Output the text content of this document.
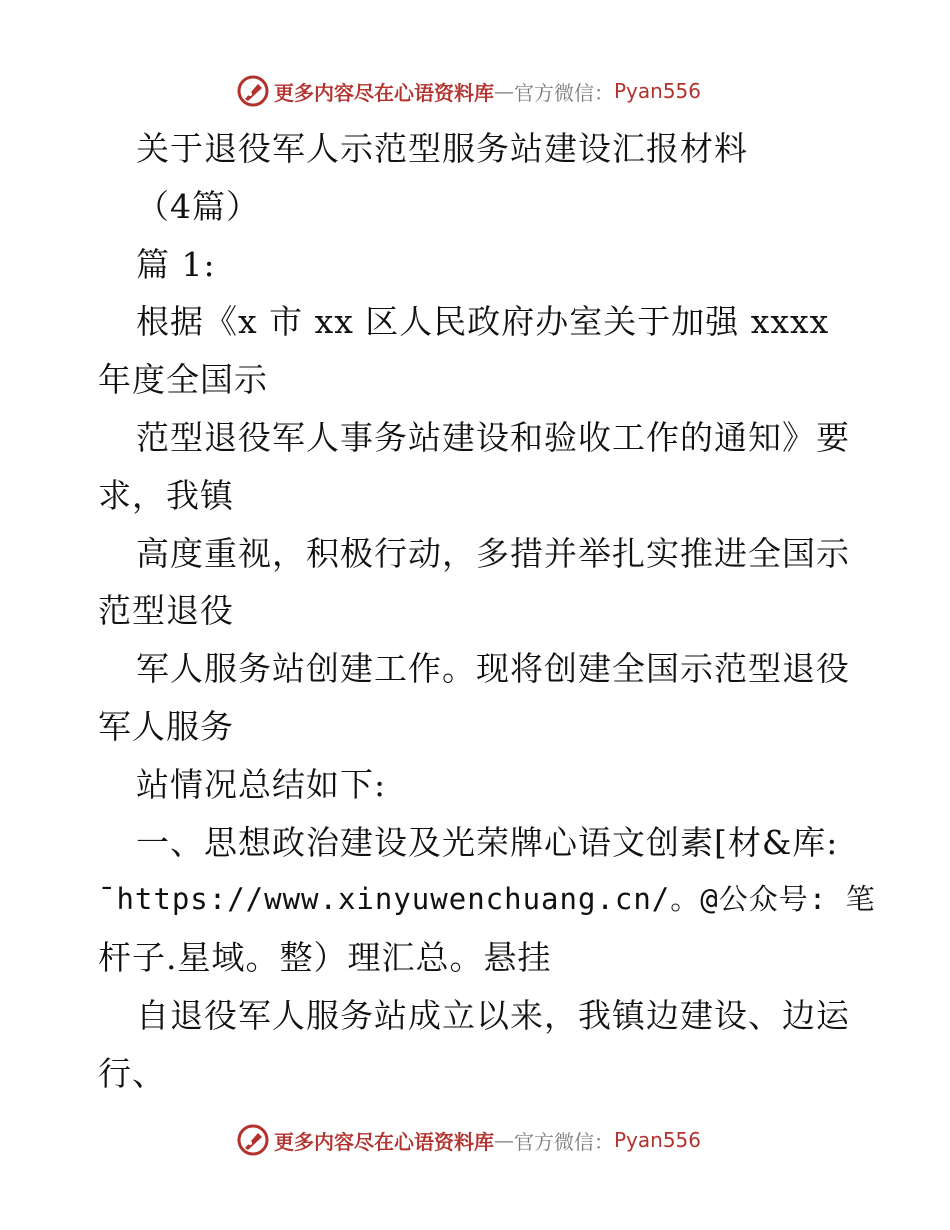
更多内容尽在心语资料库 — 官方微信： Pyan556
关于退役军人示范型服务站建设汇报材料
（4篇）
篇 1:
根据《x 市 xx 区人民政府办室关于加强 xxxx
年度全国示
范型退役军人事务站建设和验收工作的通知》要
求，我镇
高度重视，积极行动，多措并举扎实推进全国示
范型退役
军人服务站创建工作。现将创建全国示范型退役
军人服务
站情况总结如下:
一、思想政治建设及光荣牌心语文创素[材&库:
¯https://www.xinyuwenchuang.cn/。@公众号: 笔
杆子.星域。整）理汇总。悬挂
自退役军人服务站成立以来，我镇边建设、边运
行、
更多内容尽在心语资料库 — 官方微信： Pyan556
